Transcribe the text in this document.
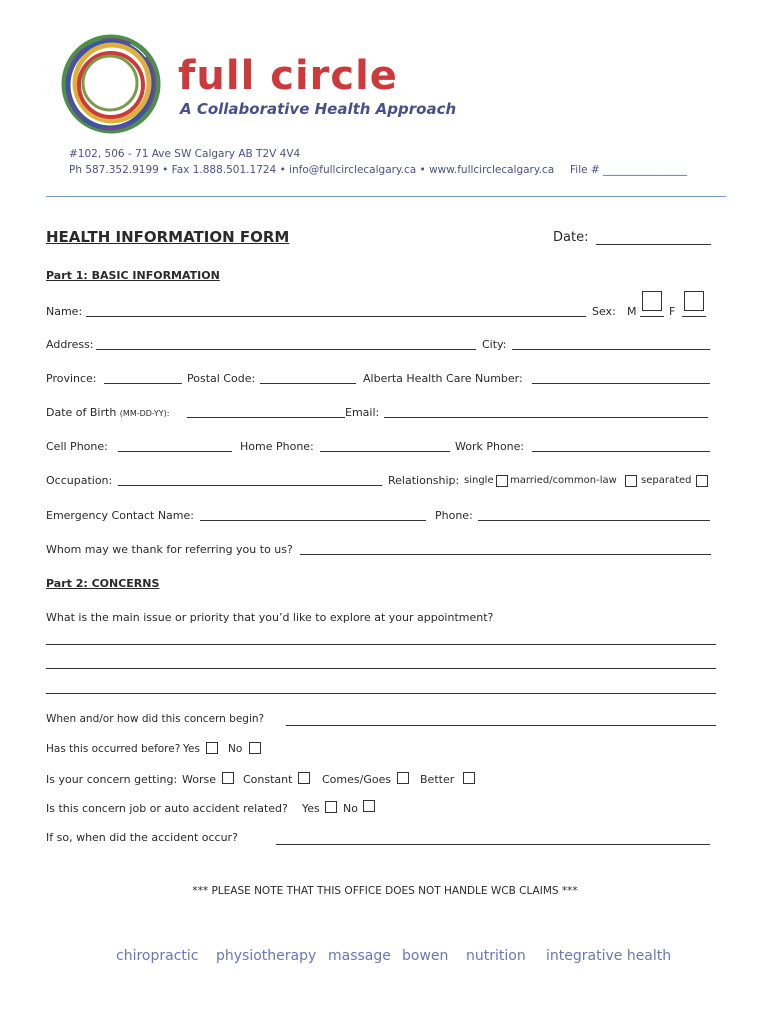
full circle
A Collaborative Health Approach
#102, 506 - 71 Ave SW Calgary AB T2V 4V4
Ph 587.352.9199 • Fax 1.888.501.1724 • info@fullcirclecalgary.ca • www.fullcirclecalgary.ca File # ________________
HEALTH INFORMATION FORM	Date:
Part 1: BASIC INFORMATION
Name:	Sex: M	F
Address:	City:
Province:	Postal Code:	Alberta Health Care Number:
Date of Birth (MM-DD-YY):	Email:
Cell Phone:	Home Phone:	Work Phone:
Occupation:	Relationship: single married/common-law separated
Emergency Contact Name:	Phone:
Whom may we thank for referring you to us?
Part 2: CONCERNS
What is the main issue or priority that you’d like to explore at your appointment?
When and/or how did this concern begin?
Has this occurred before? Yes	No
Is your concern getting: Worse Constant	Comes/Goes	Better
Is this concern job or auto accident related? Yes No
If so, when did the accident occur?
*** PLEASE NOTE THAT THIS OFFICE DOES NOT HANDLE WCB CLAIMS ***
chiropractic physiotherapy massage bowen nutrition integrative health
